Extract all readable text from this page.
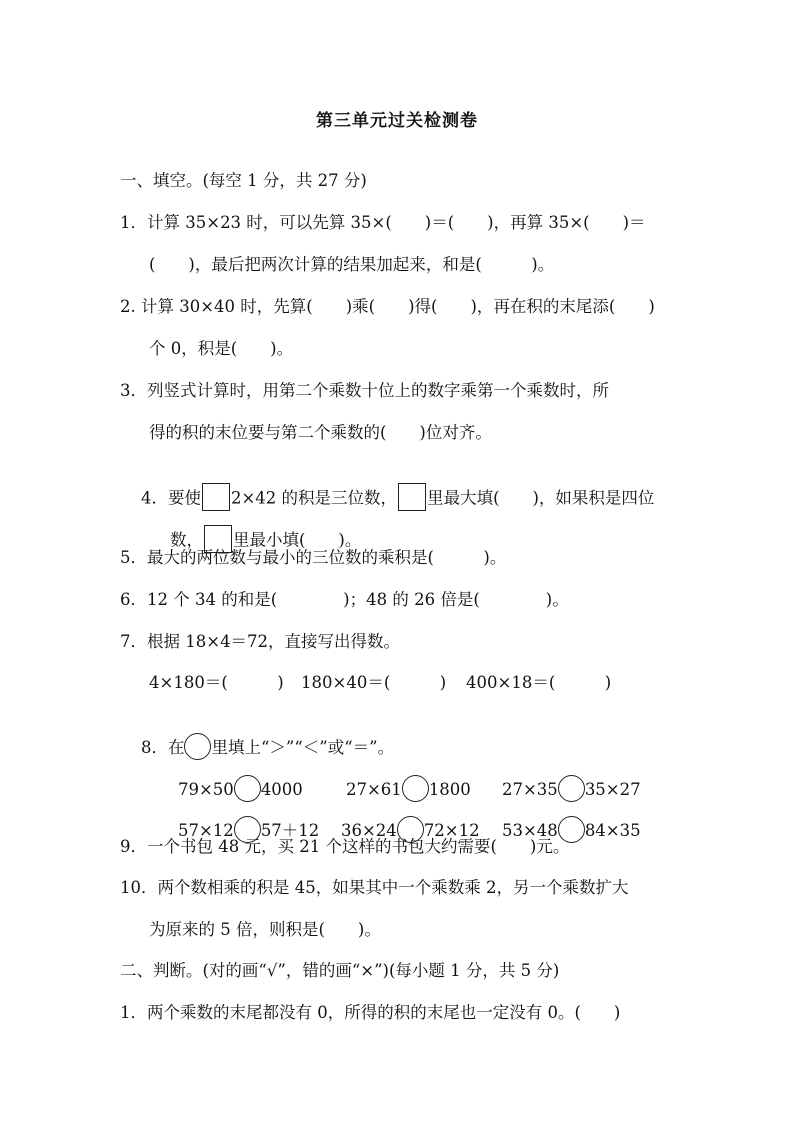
第三单元过关检测卷
一、填空。(每空 1 分，共 27 分)
1．计算 35×23 时，可以先算 35×(　　)＝(　　)，再算 35×(　　)＝
(　　)，最后把两次计算的结果加起来，和是(　　　)。
2. 计算 30×40 时，先算(　　)乘(　　)得(　　)，再在积的末尾添(　　)
个 0，积是(　　)。
3．列竖式计算时，用第二个乘数十位上的数字乘第一个乘数时，所
得的积的末位要与第二个乘数的(　　)位对齐。

4．要使 2×42 的积是三位数， 里最大填(　　)，如果积是四位

数， 里最小填(　　)。

5．最大的两位数与最小的三位数的乘积是(　　　)。
6．12 个 34 的和是(　　　　)；48 的 26 倍是(　　　　)。
7．根据 18×4＝72，直接写出得数。
4×180＝(　　　) 180×40＝(　　　) 400×18＝(　　　)

8．在 里填上“＞”“＜”或“＝”。

79×50 4000
	27×61 1800
	27×35 35×27

57×12 57＋12
	36×24 72×12
	53×48 84×35

9．一个书包 48 元，买 21 个这样的书包大约需要(　　)元。
10．两个数相乘的积是 45，如果其中一个乘数乘 2，另一个乘数扩大
为原来的 5 倍，则积是(　　)。
二、判断。(对的画“√”，错的画“×”)(每小题 1 分，共 5 分)
1．两个乘数的末尾都没有 0，所得的积的末尾也一定没有 0。(　　)
